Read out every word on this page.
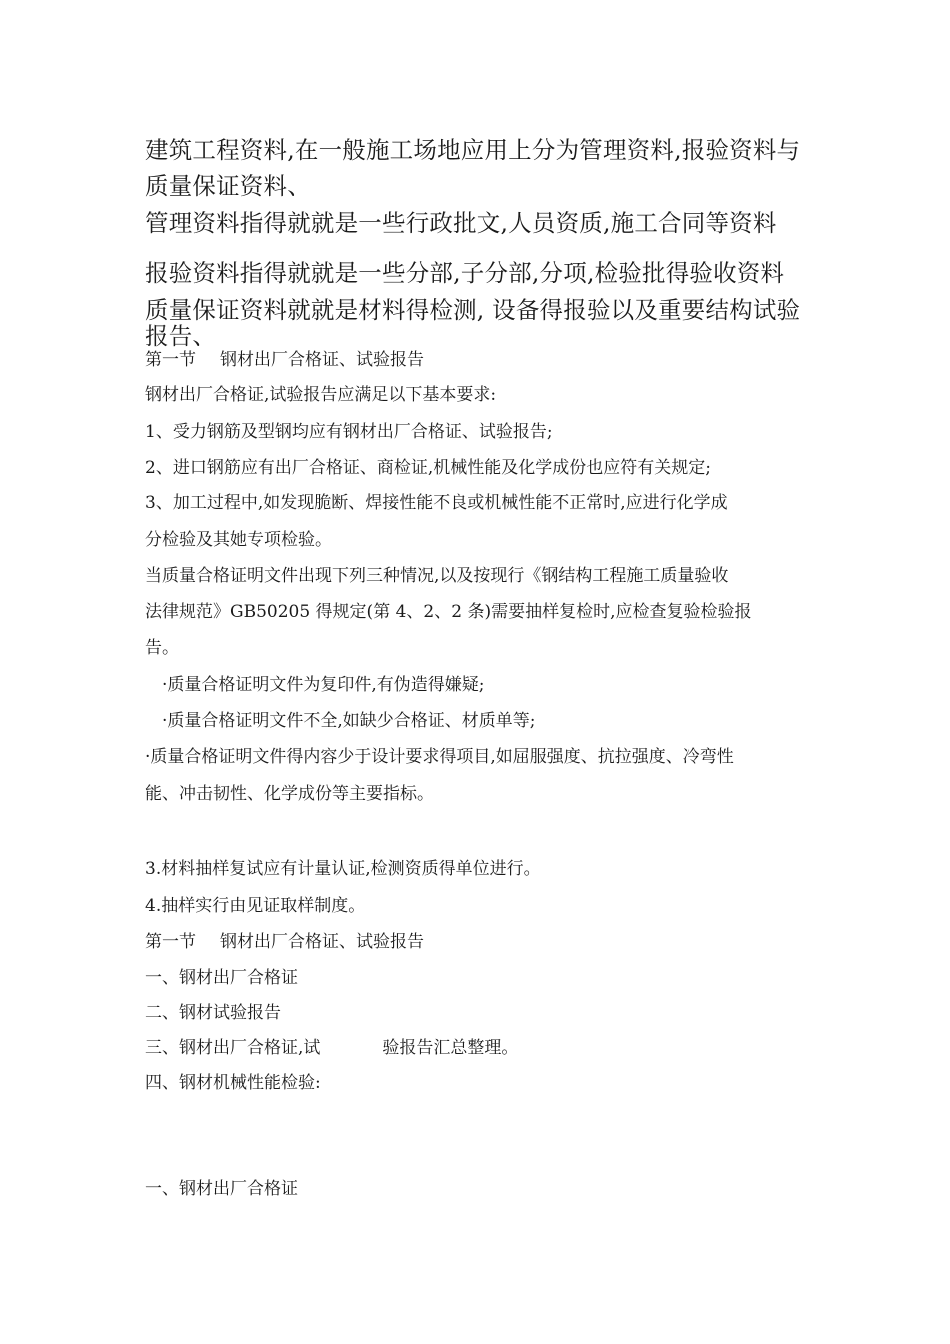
建筑工程资料,在一般施工场地应用上分为管理资料,报验资料与
质量保证资料、
管理资料指得就就是一些行政批文,人员资质,施工合同等资料
报验资料指得就就是一些分部,子分部,分项,检验批得验收资料
质量保证资料就就是材料得检测, 设备得报验以及重要结构试验
报告、
第一节 钢材出厂合格证、试验报告
钢材出厂合格证,试验报告应满足以下基本要求:
1、受力钢筋及型钢均应有钢材出厂合格证、试验报告;
2、进口钢筋应有出厂合格证、商检证,机械性能及化学成份也应符有关规定;
3、加工过程中,如发现脆断、焊接性能不良或机械性能不正常时,应进行化学成
分检验及其她专项检验。
当质量合格证明文件出现下列三种情况,以及按现行《钢结构工程施工质量验收
法律规范》GB50205 得规定(第 4、2、2 条)需要抽样复检时,应检查复验检验报
告。
·质量合格证明文件为复印件,有伪造得嫌疑;
·质量合格证明文件不全,如缺少合格证、材质单等;
·质量合格证明文件得内容少于设计要求得项目,如屈服强度、抗拉强度、冷弯性
能、冲击韧性、化学成份等主要指标。
3.材料抽样复试应有计量认证,检测资质得单位进行。
4.抽样实行由见证取样制度。
第一节 钢材出厂合格证、试验报告
一、钢材出厂合格证
二、钢材试验报告
三、钢材出厂合格证,试	验报告汇总整理。
四、钢材机械性能检验:
一、钢材出厂合格证
